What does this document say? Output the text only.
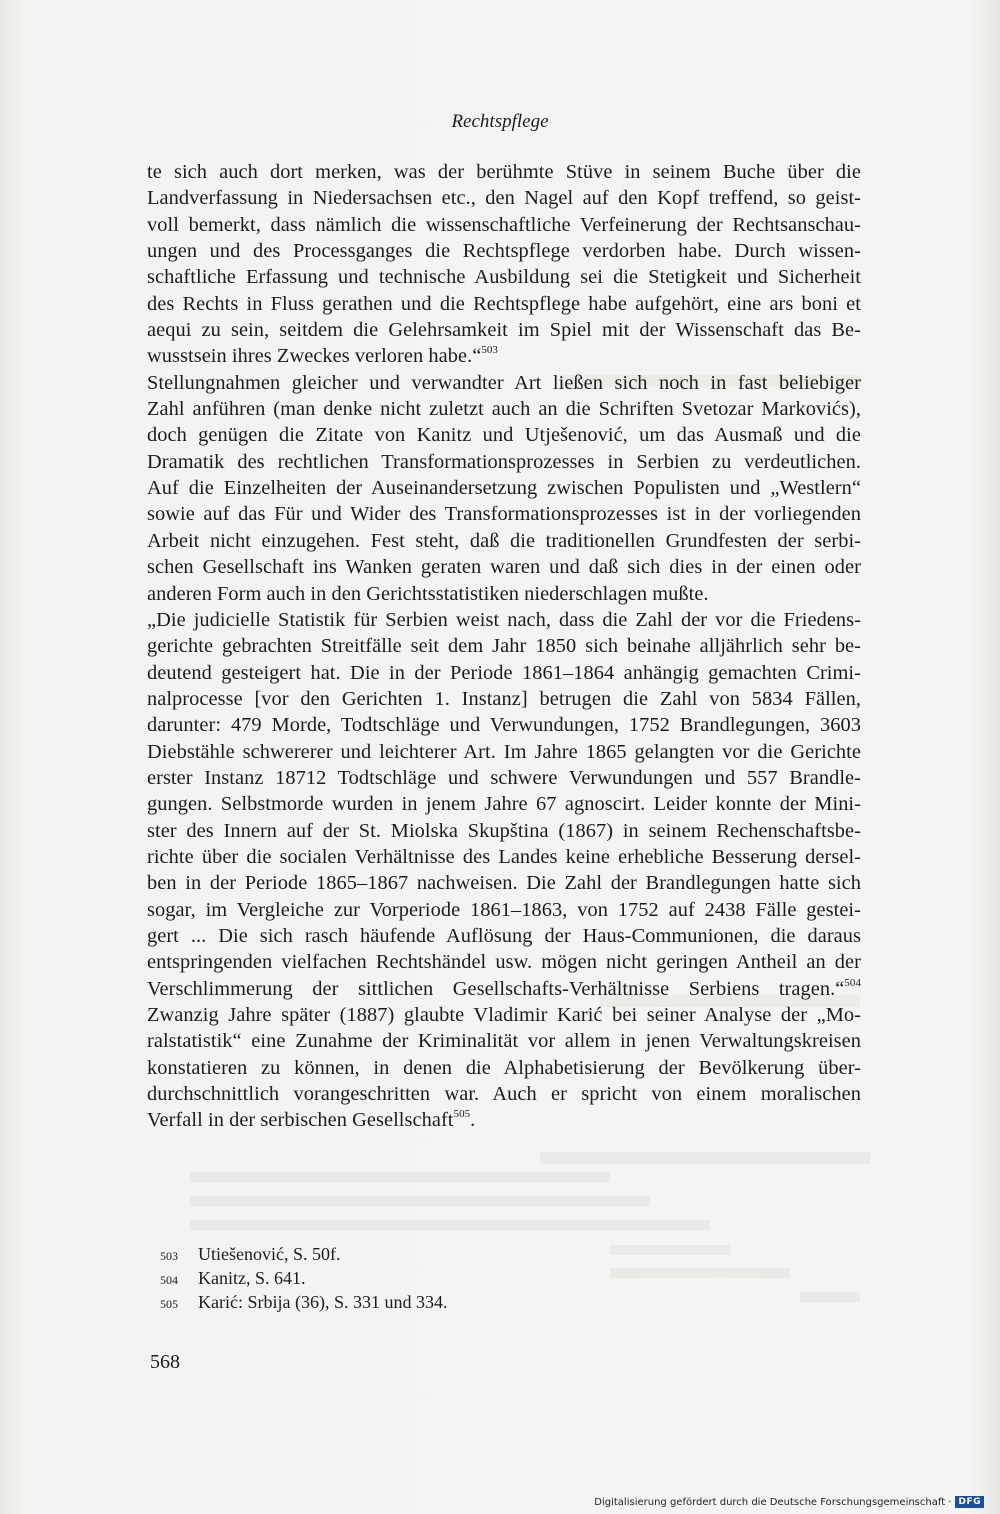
Rechtspflege
te sich auch dort merken, was der berühmte Stüve in seinem Buche über die
Landverfassung in Niedersachsen etc., den Nagel auf den Kopf treffend, so geist-
voll bemerkt, dass nämlich die wissenschaftliche Verfeinerung der Rechtsanschau-
ungen und des Processganges die Rechtspflege verdorben habe. Durch wissen-
schaftliche Erfassung und technische Ausbildung sei die Stetigkeit und Sicherheit
des Rechts in Fluss gerathen und die Rechtspflege habe aufgehört, eine ars boni et
aequi zu sein, seitdem die Gelehrsamkeit im Spiel mit der Wissenschaft das Be-
wusstsein ihres Zweckes verloren habe.“$^{503}$
Stellungnahmen gleicher und verwandter Art ließen sich noch in fast beliebiger
Zahl anführen (man denke nicht zuletzt auch an die Schriften Svetozar Markovićs),
doch genügen die Zitate von Kanitz und Utješenović, um das Ausmaß und die
Dramatik des rechtlichen Transformationsprozesses in Serbien zu verdeutlichen.
Auf die Einzelheiten der Auseinandersetzung zwischen Populisten und „Westlern“
sowie auf das Für und Wider des Transformationsprozesses ist in der vorliegenden
Arbeit nicht einzugehen. Fest steht, daß die traditionellen Grundfesten der serbi-
schen Gesellschaft ins Wanken geraten waren und daß sich dies in der einen oder
anderen Form auch in den Gerichtsstatistiken niederschlagen mußte.
„Die judicielle Statistik für Serbien weist nach, dass die Zahl der vor die Friedens-
gerichte gebrachten Streitfälle seit dem Jahr 1850 sich beinahe alljährlich sehr be-
deutend gesteigert hat. Die in der Periode 1861–1864 anhängig gemachten Crimi-
nalprocesse [vor den Gerichten 1. Instanz] betrugen die Zahl von 5834 Fällen,
darunter: 479 Morde, Todtschläge und Verwundungen, 1752 Brandlegungen, 3603
Diebstähle schwererer und leichterer Art. Im Jahre 1865 gelangten vor die Gerichte
erster Instanz 18712 Todtschläge und schwere Verwundungen und 557 Brandle-
gungen. Selbstmorde wurden in jenem Jahre 67 agnoscirt. Leider konnte der Mini-
ster des Innern auf der St. Miolska Skupština (1867) in seinem Rechenschaftsbe-
richte über die socialen Verhältnisse des Landes keine erhebliche Besserung dersel-
ben in der Periode 1865–1867 nachweisen. Die Zahl der Brandlegungen hatte sich
sogar, im Vergleiche zur Vorperiode 1861–1863, von 1752 auf 2438 Fälle gestei-
gert ... Die sich rasch häufende Auflösung der Haus-Communionen, die daraus
entspringenden vielfachen Rechtshändel usw. mögen nicht geringen Antheil an der
Verschlimmerung der sittlichen Gesellschafts-Verhältnisse Serbiens tragen.“$^{504}$
Zwanzig Jahre später (1887) glaubte Vladimir Karić bei seiner Analyse der „Mo-
ralstatistik“ eine Zunahme der Kriminalität vor allem in jenen Verwaltungskreisen
konstatieren zu können, in denen die Alphabetisierung der Bevölkerung über-
durchschnittlich vorangeschritten war. Auch er spricht von einem moralischen
Verfall in der serbischen Gesellschaft$^{505}$.
503	Utiešenović, S. 50f.
504	Kanitz, S. 641.
505	Karić: Srbija (36), S. 331 und 334.
568
Digitalisierung gefördert durch die Deutsche Forschungsgemeinschaft · DFG
